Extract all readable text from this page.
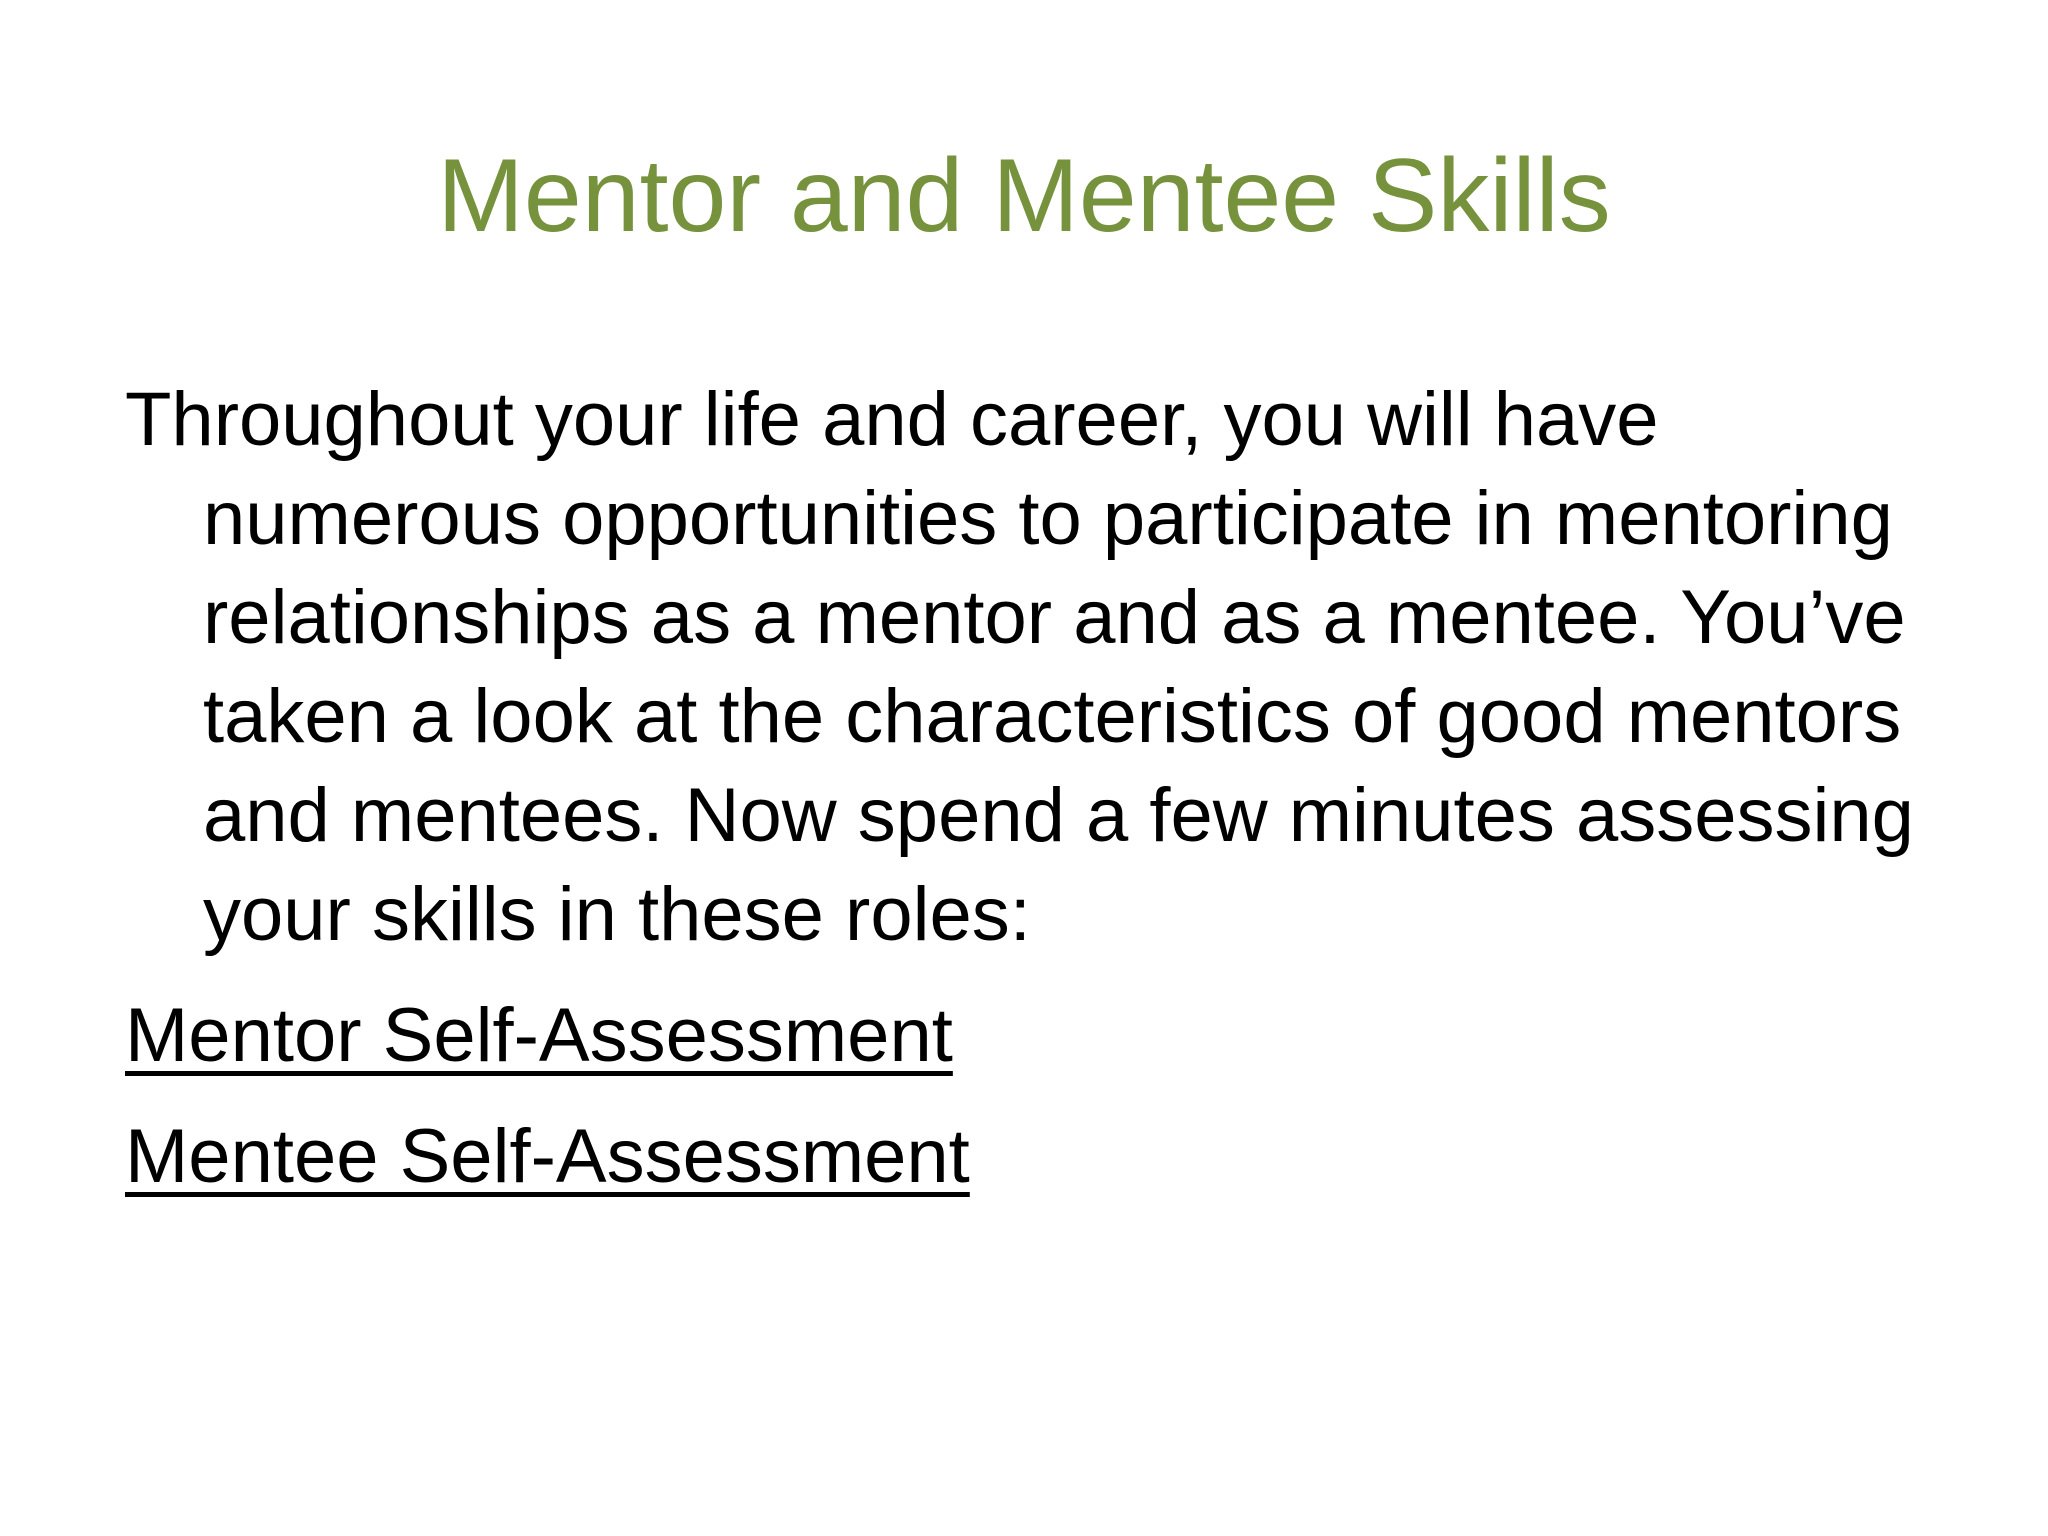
Mentor and Mentee Skills

Throughout your life and career, you will have numerous opportunities to participate in mentoring relationships as a mentor and as a mentee. You’ve taken a look at the characteristics of good mentors and mentees. Now spend a few minutes assessing your skills in these roles:

Mentor Self-Assessment
Mentee Self-Assessment
